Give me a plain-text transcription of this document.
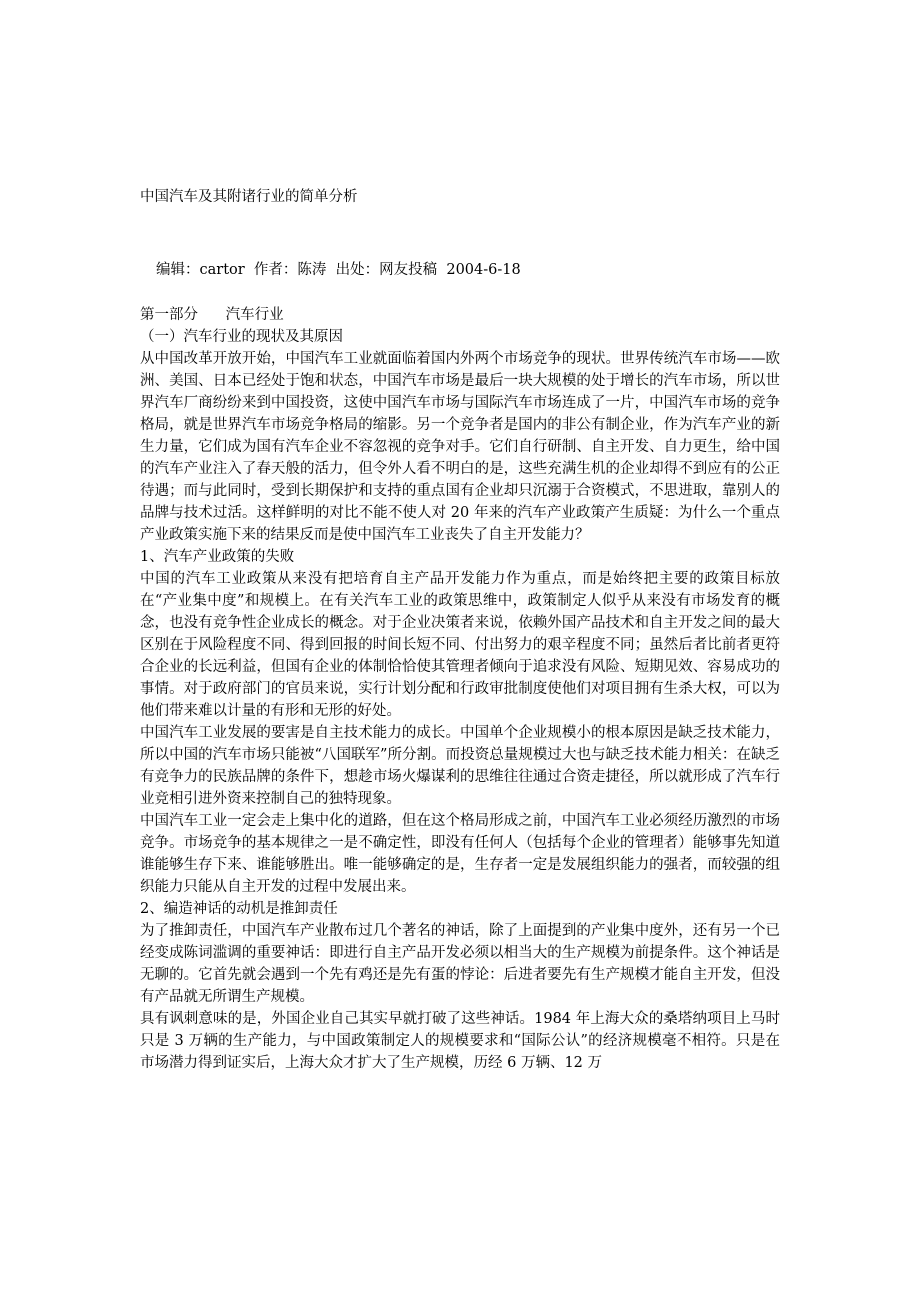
中国汽车及其附诸行业的简单分析
编辑：cartor  作者：陈涛  出处：网友投稿  2004-6-18

第一部分      汽车行业

（一）汽车行业的现状及其原因

从中国改革开放开始，中国汽车工业就面临着国内外两个市场竞争的现状。世界传统汽车市场——欧洲、美国、日本已经处于饱和状态，中国汽车市场是最后一块大规模的处于增长的汽车市场，所以世界汽车厂商纷纷来到中国投资，这使中国汽车市场与国际汽车市场连成了一片，中国汽车市场的竞争格局，就是世界汽车市场竞争格局的缩影。另一个竞争者是国内的非公有制企业，作为汽车产业的新生力量，它们成为国有汽车企业不容忽视的竞争对手。它们自行研制、自主开发、自力更生，给中国的汽车产业注入了春天般的活力，但令外人看不明白的是，这些充满生机的企业却得不到应有的公正待遇；而与此同时，受到长期保护和支持的重点国有企业却只沉溺于合资模式，不思进取，靠别人的品牌与技术过活。这样鲜明的对比不能不使人对 20 年来的汽车产业政策产生质疑：为什么一个重点产业政策实施下来的结果反而是使中国汽车工业丧失了自主开发能力？

1、汽车产业政策的失败

中国的汽车工业政策从来没有把培育自主产品开发能力作为重点，而是始终把主要的政策目标放在“产业集中度”和规模上。在有关汽车工业的政策思维中，政策制定人似乎从来没有市场发育的概念，也没有竞争性企业成长的概念。对于企业决策者来说，依赖外国产品技术和自主开发之间的最大区别在于风险程度不同、得到回报的时间长短不同、付出努力的艰辛程度不同；虽然后者比前者更符合企业的长远利益，但国有企业的体制恰恰使其管理者倾向于追求没有风险、短期见效、容易成功的事情。对于政府部门的官员来说，实行计划分配和行政审批制度使他们对项目拥有生杀大权，可以为他们带来难以计量的有形和无形的好处。

中国汽车工业发展的要害是自主技术能力的成长。中国单个企业规模小的根本原因是缺乏技术能力，所以中国的汽车市场只能被“八国联军”所分割。而投资总量规模过大也与缺乏技术能力相关：在缺乏有竞争力的民族品牌的条件下，想趁市场火爆谋利的思维往往通过合资走捷径，所以就形成了汽车行业竞相引进外资来控制自己的独特现象。

中国汽车工业一定会走上集中化的道路，但在这个格局形成之前，中国汽车工业必须经历激烈的市场竞争。市场竞争的基本规律之一是不确定性，即没有任何人（包括每个企业的管理者）能够事先知道谁能够生存下来、谁能够胜出。唯一能够确定的是，生存者一定是发展组织能力的强者，而较强的组织能力只能从自主开发的过程中发展出来。

2、编造神话的动机是推卸责任

为了推卸责任，中国汽车产业散布过几个著名的神话，除了上面提到的产业集中度外，还有另一个已经变成陈词滥调的重要神话：即进行自主产品开发必须以相当大的生产规模为前提条件。这个神话是无聊的。它首先就会遇到一个先有鸡还是先有蛋的悖论：后进者要先有生产规模才能自主开发，但没有产品就无所谓生产规模。

具有讽刺意味的是，外国企业自己其实早就打破了这些神话。1984 年上海大众的桑塔纳项目上马时只是 3 万辆的生产能力，与中国政策制定人的规模要求和“国际公认”的经济规模毫不相符。只是在市场潜力得到证实后，上海大众才扩大了生产规模，历经 6 万辆、12 万
